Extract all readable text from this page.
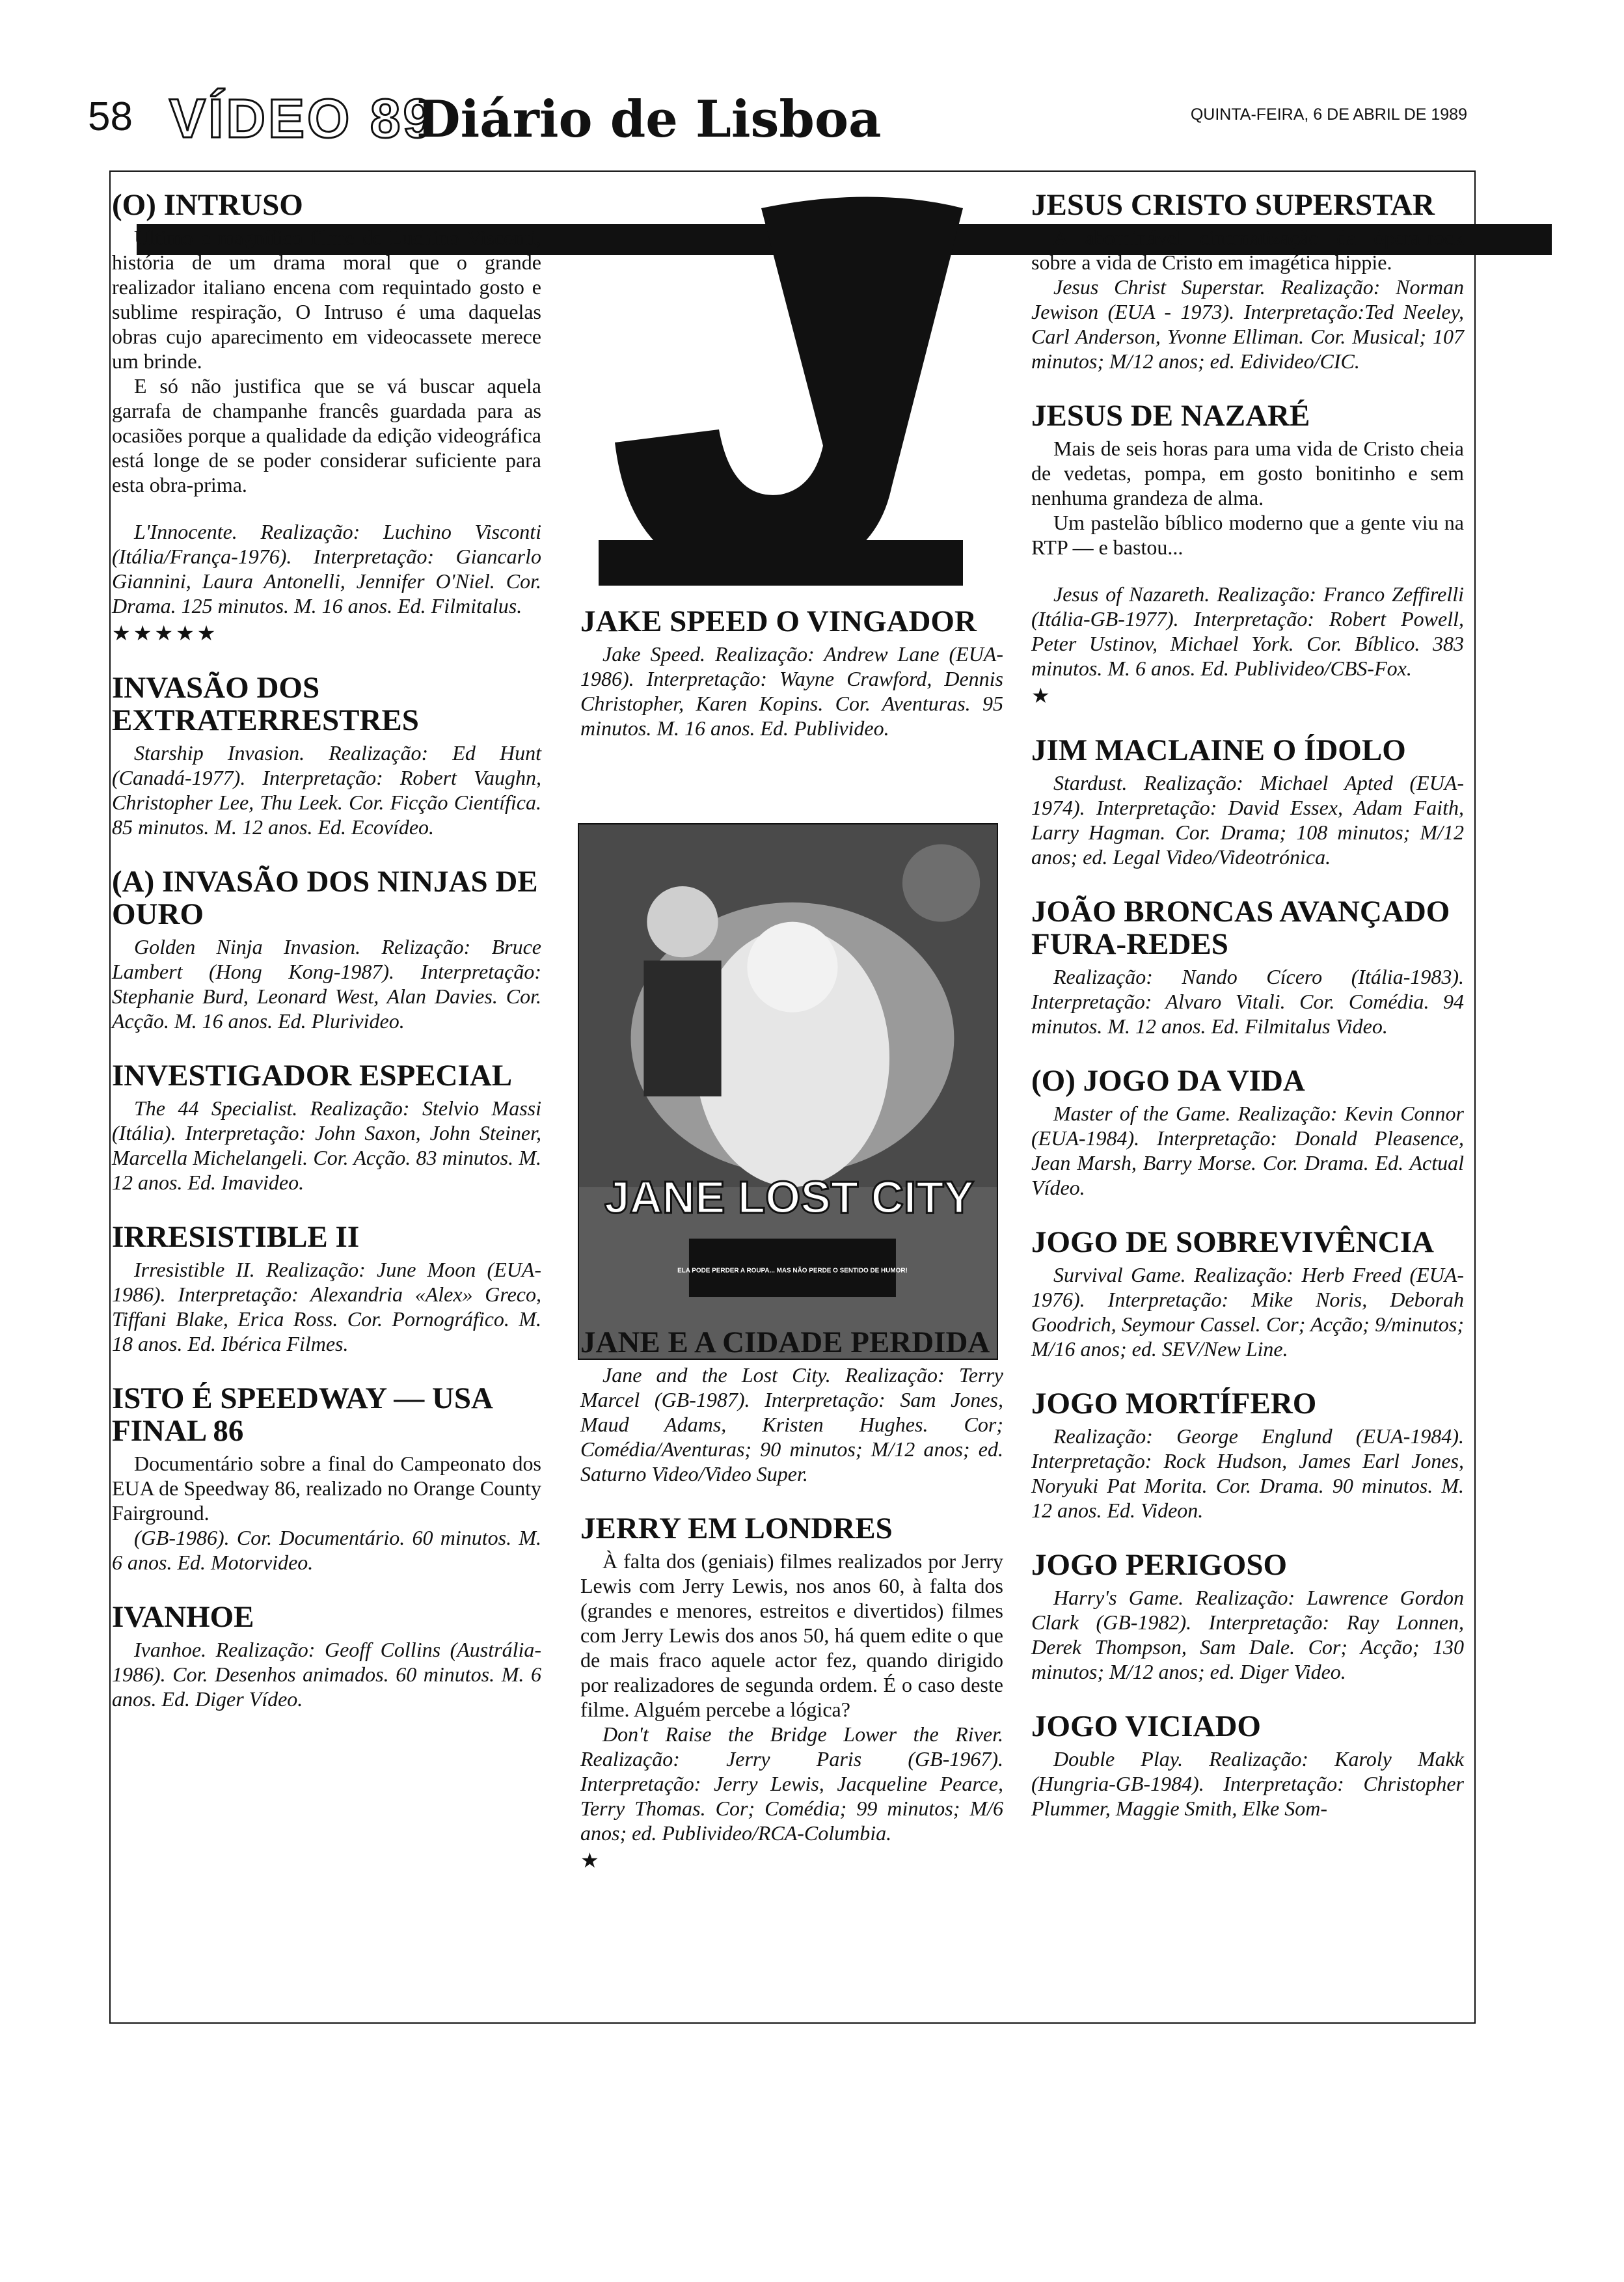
58 VÍDEO 89
Diário de Lisboa	QUINTA-FEIRA, 6 DE ABRIL DE 1989
JANE LOST CITY
ELA PODE PERDER A ROUPA... MAS NÃO PERDE O SENTIDO DE HUMOR!
(O) INTRUSO

Último e magnífico filme de Luchino Visconti, história de um drama moral que o grande realizador italiano encena com requintado gosto e sublime respiração, O Intruso é uma daquelas obras cujo aparecimento em videocassete merece um brinde.

E só não justifica que se vá buscar aquela garrafa de champanhe francês guardada para as ocasiões porque a qualidade da edição videográfica está longe de se poder considerar suficiente para esta obra-prima.

L'Innocente. Realização: Luchino Visconti (Itália/França-1976). Interpretação: Giancarlo Giannini, Laura Antonelli, Jennifer O'Niel. Cor. Drama. 125 minutos. M. 16 anos. Ed. Filmitalus.

★★★★★
INVASÃO DOS EXTRATERRESTRES

Starship Invasion. Realização: Ed Hunt (Canadá-1977). Interpretação: Robert Vaughn, Christopher Lee, Thu Leek. Cor. Ficção Científica. 85 minutos. M. 12 anos. Ed. Ecovídeo.

(A) INVASÃO DOS NINJAS DE OURO

Golden Ninja Invasion. Relização: Bruce Lambert (Hong Kong-1987). Interpretação: Stephanie Burd, Leonard West, Alan Davies. Cor. Acção. M. 16 anos. Ed. Plurivideo.

INVESTIGADOR ESPECIAL

The 44 Specialist. Realização: Stelvio Massi (Itália). Interpretação: John Saxon, John Steiner, Marcella Michelangeli. Cor. Acção. 83 minutos. M. 12 anos. Ed. Imavideo.

IRRESISTIBLE II

Irresistible II. Realização: June Moon (EUA-1986). Interpretação: Alexandria «Alex» Greco, Tiffani Blake, Erica Ross. Cor. Pornográfico. M. 18 anos. Ed. Ibérica Filmes.

ISTO É SPEEDWAY — USA FINAL 86

Documentário sobre a final do Campeonato dos EUA de Speedway 86, realizado no Orange County Fairground.

(GB-1986). Cor. Documentário. 60 minutos. M. 6 anos. Ed. Motorvideo.

IVANHOE

Ivanhoe. Realização: Geoff Collins (Austrália-1986). Cor. Desenhos animados. 60 minutos. M. 6 anos. Ed. Diger Vídeo.

JAKE SPEED O VINGADOR

Jake Speed. Realização: Andrew Lane (EUA-1986). Interpretação: Wayne Crawford, Dennis Christopher, Karen Kopins. Cor. Aventuras. 95 minutos. M. 16 anos. Ed. Publivideo.

JANE E A CIDADE PERDIDA

Jane and the Lost City. Realização: Terry Marcel (GB-1987). Interpretação: Sam Jones, Maud Adams, Kristen Hughes. Cor; Comédia/Aventuras; 90 minutos; M/12 anos; ed. Saturno Video/Video Super.

JERRY EM LONDRES

À falta dos (geniais) filmes realizados por Jerry Lewis com Jerry Lewis, nos anos 60, à falta dos (grandes e menores, estreitos e divertidos) filmes com Jerry Lewis dos anos 50, há quem edite o que de mais fraco aquele actor fez, quando dirigido por realizadores de segunda ordem. É o caso deste filme. Alguém percebe a lógica?

Don't Raise the Bridge Lower the River. Realização: Jerry Paris (GB-1967). Interpretação: Jerry Lewis, Jacqueline Pearce, Terry Thomas. Cor; Comédia; 99 minutos; M/6 anos; ed. Publivideo/RCA-Columbia.

★
JESUS CRISTO SUPERSTAR

A abominável cinematização da ópera-rock sobre a vida de Cristo em imagética hippie.

Jesus Christ Superstar. Realização: Norman Jewison (EUA - 1973). Interpretação:Ted Neeley, Carl Anderson, Yvonne Elliman. Cor. Musical; 107 minutos; M/12 anos; ed. Edivideo/CIC.

JESUS DE NAZARÉ

Mais de seis horas para uma vida de Cristo cheia de vedetas, pompa, em gosto bonitinho e sem nenhuma grandeza de alma.

Um pastelão bíblico moderno que a gente viu na RTP — e bastou...

Jesus of Nazareth. Realização: Franco Zeffirelli (Itália-GB-1977). Interpretação: Robert Powell, Peter Ustinov, Michael York. Cor. Bíblico. 383 minutos. M. 6 anos. Ed. Publivideo/CBS-Fox.

★
JIM MACLAINE O ÍDOLO

Stardust. Realização: Michael Apted (EUA-1974). Interpretação: David Essex, Adam Faith, Larry Hagman. Cor. Drama; 108 minutos; M/12 anos; ed. Legal Video/Videotrónica.

JOÃO BRONCAS AVANÇADO FURA-REDES

Realização: Nando Cícero (Itália-1983). Interpretação: Alvaro Vitali. Cor. Comédia. 94 minutos. M. 12 anos. Ed. Filmitalus Video.

(O) JOGO DA VIDA

Master of the Game. Realização: Kevin Connor (EUA-1984). Interpretação: Donald Pleasence, Jean Marsh, Barry Morse. Cor. Drama. Ed. Actual Vídeo.

JOGO DE SOBREVIVÊNCIA

Survival Game. Realização: Herb Freed (EUA-1976). Interpretação: Mike Noris, Deborah Goodrich, Seymour Cassel. Cor; Acção; 9/minutos; M/16 anos; ed. SEV/New Line.

JOGO MORTÍFERO

Realização: George Englund (EUA-1984). Interpretação: Rock Hudson, James Earl Jones, Noryuki Pat Morita. Cor. Drama. 90 minutos. M. 12 anos. Ed. Videon.

JOGO PERIGOSO

Harry's Game. Realização: Lawrence Gordon Clark (GB-1982). Interpretação: Ray Lonnen, Derek Thompson, Sam Dale. Cor; Acção; 130 minutos; M/12 anos; ed. Diger Video.

JOGO VICIADO

Double Play. Realização: Karoly Makk (Hungria-GB-1984). Interpretação: Christopher Plummer, Maggie Smith, Elke Som-
